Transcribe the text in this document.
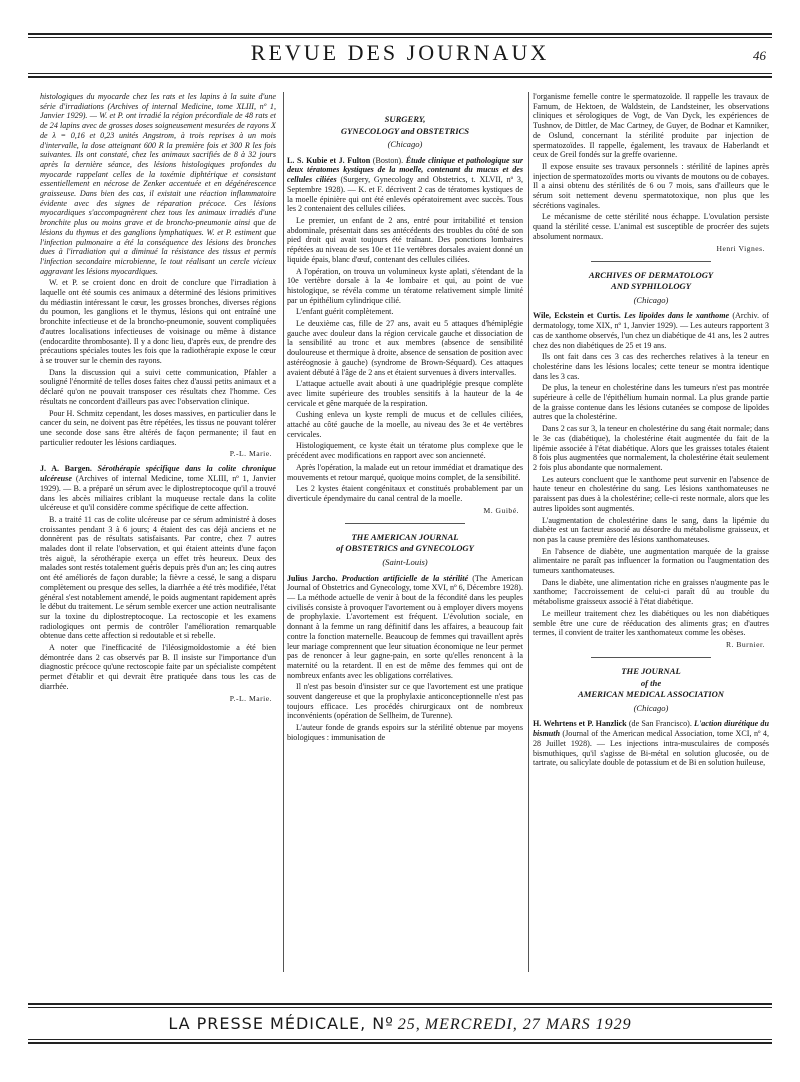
REVUE DES JOURNAUX	46

histologiques du myocarde chez les rats et les lapins à la suite d'une série d'irradiations (Archives of internal Medicine, tome XLIII, nº 1, Janvier 1929). — W. et P. ont irradié la région précordiale de 48 rats et de 24 lapins avec de grosses doses soigneusement mesurées de rayons X de λ = 0,16 et 0,23 unités Angstrom, à trois reprises à un mois d'intervalle, la dose atteignant 600 R la première fois et 300 R les fois suivantes. Ils ont constaté, chez les animaux sacrifiés de 8 à 32 jours après la dernière séance, des lésions histologiques profondes du myocarde rappelant celles de la toxémie diphtérique et consistant essentiellement en nécrose de Zenker accentuée et en dégénérescence graisseuse. Dans bien des cas, il existait une réaction inflammatoire évidente avec des signes de réparation précoce. Ces lésions myocardiques s'accompagnèrent chez tous les animaux irradiés d'une bronchite plus ou moins grave et de broncho-pneumonie ainsi que de lésions du thymus et des ganglions lymphatiques. W. et P. estiment que l'infection pulmonaire a été la conséquence des lésions des bronches dues à l'irradiation qui a diminué la résistance des tissus et permis l'infection secondaire microbienne, le tout réalisant un cercle vicieux aggravant les lésions myocardiques.

W. et P. se croient donc en droit de conclure que l'irradiation à laquelle ont été soumis ces animaux a déterminé des lésions primitives du médiastin intéressant le cœur, les grosses bronches, diverses régions du poumon, les ganglions et le thymus, lésions qui ont entraîné une bronchite infectieuse et de la broncho-pneumonie, souvent compliquées d'autres localisations infectieuses de voisinage ou même à distance (endocardite thrombosante). Il y a donc lieu, d'après eux, de prendre des précautions spéciales toutes les fois que la radiothérapie expose le cœur à se trouver sur le chemin des rayons.

Dans la discussion qui a suivi cette communication, Pfahler a souligné l'énormité de telles doses faites chez d'aussi petits animaux et a déclaré qu'on ne pouvait transposer ces résultats chez l'homme. Ces résultats ne concordent d'ailleurs pas avec l'observation clinique.

Pour H. Schmitz cependant, les doses massives, en particulier dans le cancer du sein, ne doivent pas être répétées, les tissus ne pouvant tolérer une seconde dose sans être altérés de façon permanente; il faut en particulier redouter les lésions cardiaques.

P.-L. Marie.

J. A. Bargen. Sérothérapie spécifique dans la colite chronique ulcéreuse (Archives of internal Medicine, tome XLIII, nº 1, Janvier 1929). — B. a préparé un sérum avec le diplostreptocoque qu'il a trouvé dans les abcès miliaires criblant la muqueuse rectale dans la colite ulcéreuse et qu'il considère comme spécifique de cette affection.

B. a traité 11 cas de colite ulcéreuse par ce sérum administré à doses croissantes pendant 3 à 6 jours; 4 étaient des cas déjà anciens et ne donnèrent pas de résultats satisfaisants. Par contre, chez 7 autres malades dont il relate l'observation, et qui étaient atteints d'une façon très aiguë, la sérothérapie exerça un effet très heureux. Deux des malades sont restés totalement guéris depuis près d'un an; les cinq autres ont été améliorés de façon durable; la fièvre a cessé, le sang a disparu complètement ou presque des selles, la diarrhée a été très modifiée, l'état général s'est notablement amendé, le poids augmentant rapidement après le début du traitement. Le sérum semble exercer une action neutralisante sur la toxine du diplostreptocoque. La rectoscopie et les examens radiologiques ont permis de contrôler l'amélioration remarquable obtenue dans cette affection si redoutable et si rebelle.

A noter que l'inefficacité de l'iléosigmoïdostomie a été bien démontrée dans 2 cas observés par B. Il insiste sur l'importance d'un diagnostic précoce qu'une rectoscopie faite par un spécialiste compétent permet d'établir et qui devrait être pratiquée dans tous les cas de diarrhée.

P.-L. Marie.
SURGERY,
GYNECOLOGY and OBSTETRICS
(Chicago)

L. S. Kubie et J. Fulton (Boston). Étude clinique et pathologique sur deux tératomes kystiques de la moelle, contenant du mucus et des cellules ciliées (Surgery, Gynecology and Obstetrics, t. XLVII, nº 3, Septembre 1928). — K. et F. décrivent 2 cas de tératomes kystiques de la moelle épinière qui ont été enlevés opératoirement avec succès. Tous les 2 contenaient des cellules ciliées.

Le premier, un enfant de 2 ans, entré pour irritabilité et tension abdominale, présentait dans ses antécédents des troubles du côté de son pied droit qui avait toujours été traînant. Des ponctions lombaires répétées au niveau de ses 10e et 11e vertèbres dorsales avaient donné un liquide épais, blanc d'œuf, contenant des cellules ciliées.

A l'opération, on trouva un volumineux kyste aplati, s'étendant de la 10e vertèbre dorsale à la 4e lombaire et qui, au point de vue histologique, se révéla comme un tératome relativement simple limité par un épithélium cylindrique cilié.

L'enfant guérit complètement.

Le deuxième cas, fille de 27 ans, avait eu 5 attaques d'hémiplégie gauche avec douleur dans la région cervicale gauche et dissociation de la sensibilité au tronc et aux membres (absence de sensibilité douloureuse et thermique à droite, absence de sensation de position avec astéréognosie à gauche) (syndrome de Brown-Séquard). Ces attaques avaient débuté à l'âge de 2 ans et étaient survenues à divers intervalles.

L'attaque actuelle avait abouti à une quadriplégie presque complète avec limite supérieure des troubles sensitifs à la hauteur de la 4e cervicale et gêne marquée de la respiration.

Cushing enleva un kyste rempli de mucus et de cellules ciliées, attaché au côté gauche de la moelle, au niveau des 3e et 4e vertèbres cervicales.

Histologiquement, ce kyste était un tératome plus complexe que le précédent avec modifications en rapport avec son ancienneté.

Après l'opération, la malade eut un retour immédiat et dramatique des mouvements et retour marqué, quoique moins complet, de la sensibilité.

Les 2 kystes étaient congénitaux et constitués probablement par un diverticule épendymaire du canal central de la moelle.

M. Guibé.
THE AMERICAN JOURNAL
of OBSTETRICS and GYNECOLOGY
(Saint-Louis)

Julius Jarcho. Production artificielle de la stérilité (The American Journal of Obstetrics and Gynecology, tome XVI, nº 6, Décembre 1928). — La méthode actuelle de venir à bout de la fécondité dans les peuples civilisés consiste à provoquer l'avortement ou à employer divers moyens de prophylaxie. L'avortement est fréquent. L'évolution sociale, en donnant à la femme un rang définitif dans les affaires, a beaucoup fait contre la fonction maternelle. Beaucoup de femmes qui travaillent après leur mariage comprennent que leur situation économique ne leur permet pas de renoncer à leur gagne-pain, en sorte qu'elles renoncent à la maternité ou la retardent. Il en est de même des femmes qui ont de nombreux enfants avec les obligations corrélatives.

Il n'est pas besoin d'insister sur ce que l'avortement est une pratique souvent dangereuse et que la prophylaxie anticonceptionnelle n'est pas toujours efficace. Les procédés chirurgicaux ont de nombreux inconvénients (opération de Sellheim, de Turenne).

L'auteur fonde de grands espoirs sur la stérilité obtenue par moyens biologiques : immunisation de

l'organisme femelle contre le spermatozoïde. Il rappelle les travaux de Farnum, de Hektoen, de Waldstein, de Landsteiner, les observations cliniques et sérologiques de Vogt, de Van Dyck, les expériences de Tushnov, de Dittler, de Mac Cartney, de Guyer, de Bodnar et Kamniker, de Oslund, concernant la stérilité produite par injection de spermatozoïdes. Il rappelle, également, les travaux de Haberlandt et ceux de Greil fondés sur la greffe ovarienne.

Il expose ensuite ses travaux personnels : stérilité de lapines après injection de spermatozoïdes morts ou vivants de moutons ou de cobayes. Il a ainsi obtenu des stérilités de 6 ou 7 mois, sans d'ailleurs que le sérum soit nettement devenu spermatotoxique, non plus que les sécrétions vaginales.

Le mécanisme de cette stérilité nous échappe. L'ovulation persiste quand la stérilité cesse. L'animal est susceptible de procréer des sujets absolument normaux.

Henri Vignes.
ARCHIVES OF DERMATOLOGY
AND SYPHILOLOGY
(Chicago)

Wile, Eckstein et Curtis. Les lipoïdes dans le xanthome (Archiv. of dermatology, tome XIX, nº 1, Janvier 1929). — Les auteurs rapportent 3 cas de xanthome observés, l'un chez un diabétique de 41 ans, les 2 autres chez des non diabétiques de 25 et 19 ans.

Ils ont fait dans ces 3 cas des recherches relatives à la teneur en cholestérine dans les lésions locales; cette teneur se montra identique dans les 3 cas.

De plus, la teneur en cholestérine dans les tumeurs n'est pas montrée supérieure à celle de l'épithélium humain normal. La plus grande partie de la graisse contenue dans les lésions cutanées se compose de lipoïdes autres que la cholestérine.

Dans 2 cas sur 3, la teneur en cholestérine du sang était normale; dans le 3e cas (diabétique), la cholestérine était augmentée du fait de la lipémie associée à l'état diabétique. Alors que les graisses totales étaient 8 fois plus augmentées que normalement, la cholestérine était seulement 2 fois plus abondante que normalement.

Les auteurs concluent que le xanthome peut survenir en l'absence de haute teneur en cholestérine du sang. Les lésions xanthomateuses ne paraissent pas dues à la cholestérine; celle-ci reste normale, alors que les autres lipoïdes sont augmentés.

L'augmentation de cholestérine dans le sang, dans la lipémie du diabète est un facteur associé au désordre du métabolisme graisseux, et non pas la cause première des lésions xanthomateuses.

En l'absence de diabète, une augmentation marquée de la graisse alimentaire ne paraît pas influencer la formation ou l'augmentation des tumeurs xanthomateuses.

Dans le diabète, une alimentation riche en graisses n'augmente pas le xanthome; l'accroissement de celui-ci paraît dû au trouble du métabolisme graisseux associé à l'état diabétique.

Le meilleur traitement chez les diabétiques ou les non diabétiques semble être une cure de rééducation des aliments gras; en d'autres termes, il convient de traiter les xanthomateux comme les obèses.

R. Burnier.
THE JOURNAL
of the
AMERICAN MEDICAL ASSOCIATION
(Chicago)

H. Wehrtens et P. Hanzlick (de San Francisco). L'action diurétique du bismuth (Journal of the American medical Association, tome XCI, nº 4, 28 Juillet 1928). — Les injections intra-musculaires de composés bismuthiques, qu'il s'agisse de Bi-métal en solution glucosée, ou de tartrate, ou salicylate double de potassium et de Bi en solution huileuse,

LA PRESSE MÉDICALE, Nº 25, MERCREDI, 27 MARS 1929
